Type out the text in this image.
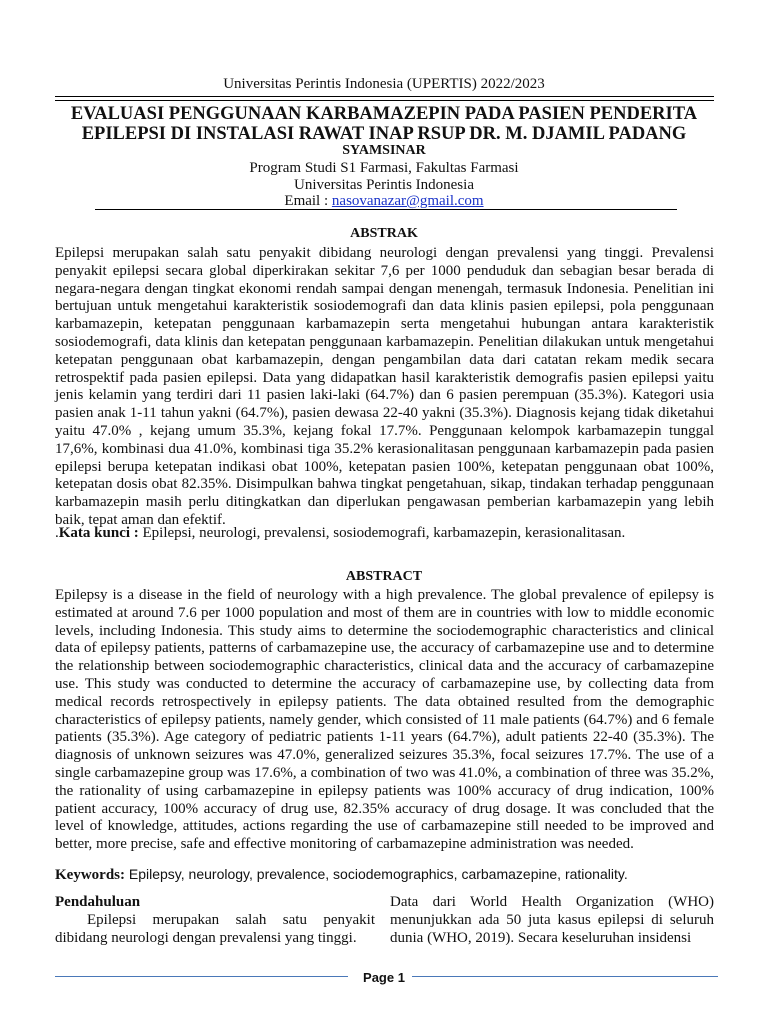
Universitas Perintis Indonesia (UPERTIS) 2022/2023
EVALUASI PENGGUNAAN KARBAMAZEPIN PADA PASIEN PENDERITA
EPILEPSI DI INSTALASI RAWAT INAP RSUP DR. M. DJAMIL PADANG
SYAMSINAR
Program Studi S1 Farmasi, Fakultas Farmasi
Universitas Perintis Indonesia
Email : nasovanazar@gmail.com
ABSTRAK
Epilepsi merupakan salah satu penyakit dibidang neurologi dengan prevalensi yang tinggi. Prevalensi penyakit epilepsi secara global diperkirakan sekitar 7,6 per 1000 penduduk dan sebagian besar berada di negara-negara dengan tingkat ekonomi rendah sampai dengan menengah, termasuk Indonesia. Penelitian ini bertujuan untuk mengetahui karakteristik sosiodemografi dan data klinis pasien epilepsi, pola penggunaan karbamazepin, ketepatan penggunaan karbamazepin serta mengetahui hubungan antara karakteristik sosiodemografi, data klinis dan ketepatan penggunaan karbamazepin. Penelitian dilakukan untuk mengetahui ketepatan penggunaan obat karbamazepin, dengan pengambilan data dari catatan rekam medik secara retrospektif pada pasien epilepsi. Data yang didapatkan hasil karakteristik demografis pasien epilepsi yaitu jenis kelamin yang terdiri dari 11 pasien laki-laki (64.7%) dan 6 pasien perempuan (35.3%). Kategori usia pasien anak 1-11 tahun yakni (64.7%), pasien dewasa 22-40 yakni (35.3%). Diagnosis kejang tidak diketahui yaitu 47.0% , kejang umum 35.3%, kejang fokal 17.7%. Penggunaan kelompok karbamazepin tunggal 17,6%, kombinasi dua 41.0%, kombinasi tiga 35.2% kerasionalitasan penggunaan karbamazepin pada pasien epilepsi berupa ketepatan indikasi obat 100%, ketepatan pasien 100%, ketepatan penggunaan obat 100%, ketepatan dosis obat 82.35%. Disimpulkan bahwa tingkat pengetahuan, sikap, tindakan terhadap penggunaan karbamazepin masih perlu ditingkatkan dan diperlukan pengawasan pemberian karbamazepin yang lebih baik, tepat aman dan efektif.
.Kata kunci : Epilepsi, neurologi, prevalensi, sosiodemografi, karbamazepin, kerasionalitasan.
ABSTRACT
Epilepsy is a disease in the field of neurology with a high prevalence. The global prevalence of epilepsy is estimated at around 7.6 per 1000 population and most of them are in countries with low to middle economic levels, including Indonesia. This study aims to determine the sociodemographic characteristics and clinical data of epilepsy patients, patterns of carbamazepine use, the accuracy of carbamazepine use and to determine the relationship between sociodemographic characteristics, clinical data and the accuracy of carbamazepine use. This study was conducted to determine the accuracy of carbamazepine use, by collecting data from medical records retrospectively in epilepsy patients. The data obtained resulted from the demographic characteristics of epilepsy patients, namely gender, which consisted of 11 male patients (64.7%) and 6 female patients (35.3%). Age category of pediatric patients 1-11 years (64.7%), adult patients 22-40 (35.3%). The diagnosis of unknown seizures was 47.0%, generalized seizures 35.3%, focal seizures 17.7%. The use of a single carbamazepine group was 17.6%, a combination of two was 41.0%, a combination of three was 35.2%, the rationality of using carbamazepine in epilepsy patients was 100% accuracy of drug indication, 100% patient accuracy, 100% accuracy of drug use, 82.35% accuracy of drug dosage. It was concluded that the level of knowledge, attitudes, actions regarding the use of carbamazepine still needed to be improved and better, more precise, safe and effective monitoring of carbamazepine administration was needed.
Keywords: Epilepsy, neurology, prevalence, sociodemographics, carbamazepine, rationality.
Pendahuluan
Epilepsi merupakan salah satu penyakit dibidang neurologi dengan prevalensi yang tinggi.
Data dari World Health Organization (WHO) menunjukkan ada 50 juta kasus epilepsi di seluruh dunia (WHO, 2019). Secara keseluruhan insidensi
Page 1
